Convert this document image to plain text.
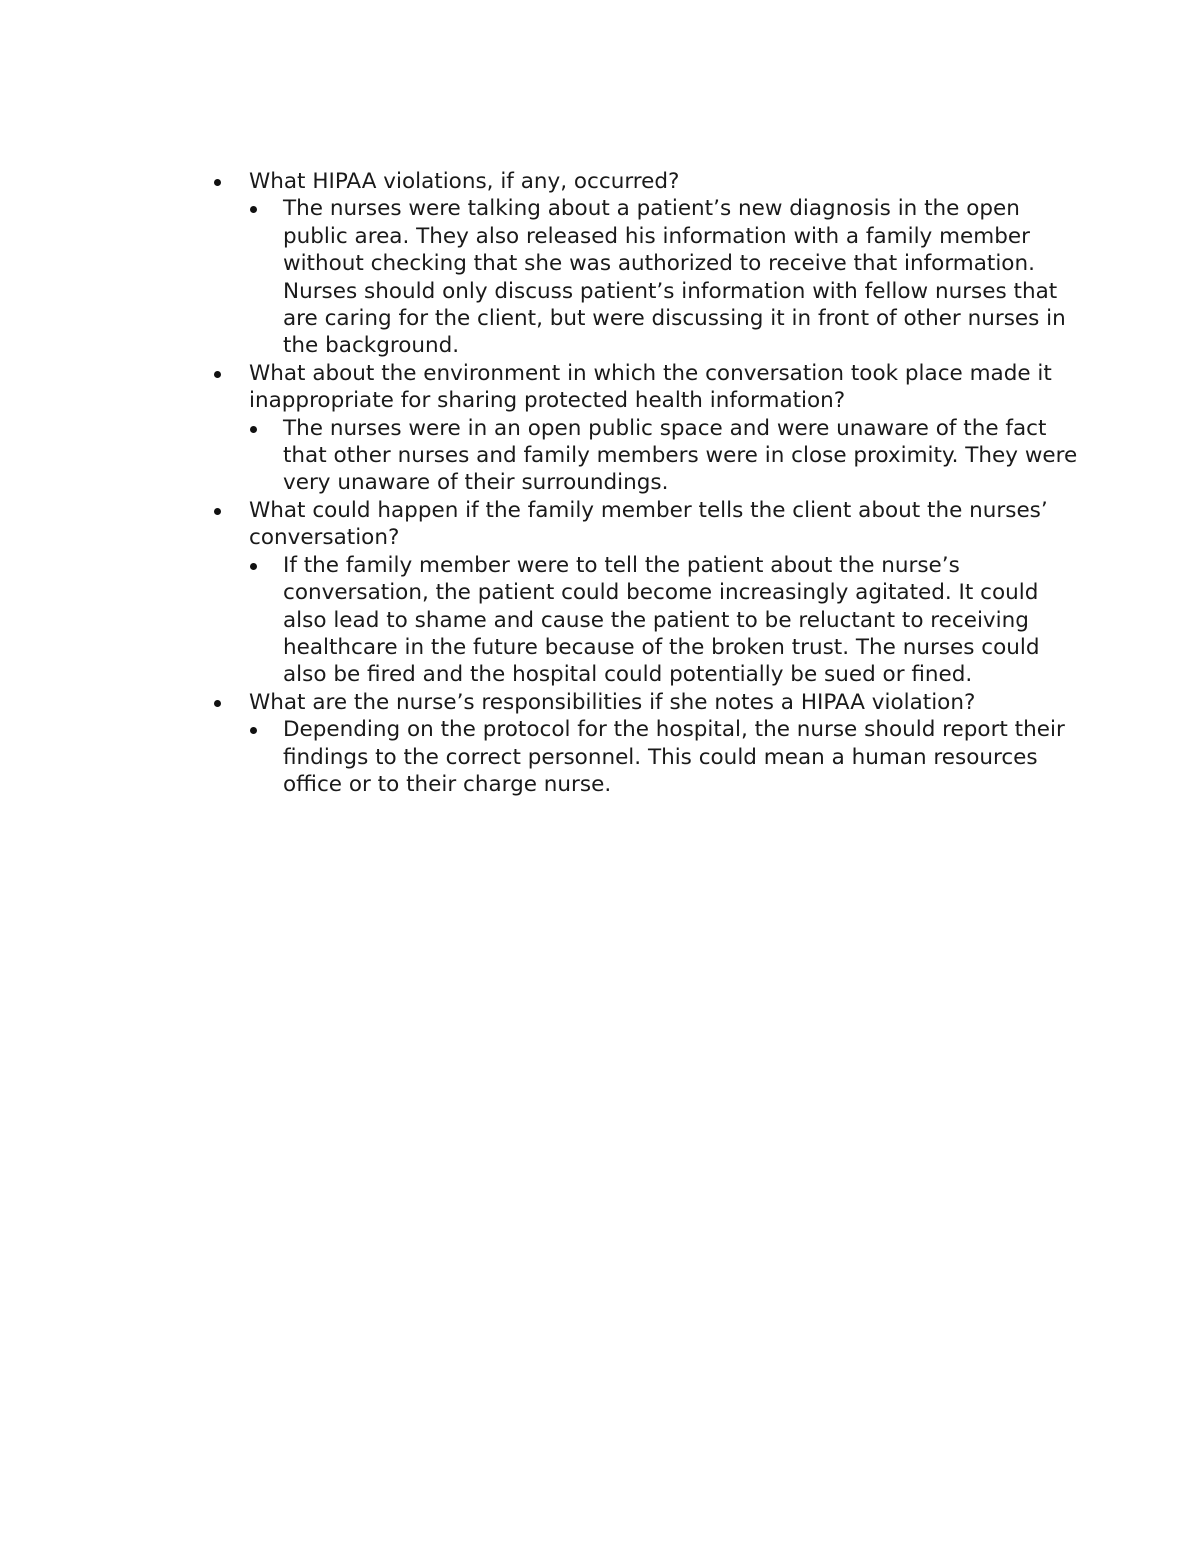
What HIPAA violations, if any, occurred?
The nurses were talking about a patient’s new diagnosis in the open public area. They also released his information with a family member without checking that she was authorized to receive that information. Nurses should only discuss patient’s information with fellow nurses that are caring for the client, but were discussing it in front of other nurses in the background.
What about the environment in which the conversation took place made it inappropriate for sharing protected health information?
The nurses were in an open public space and were unaware of the fact that other nurses and family members were in close proximity. They were very unaware of their surroundings.
What could happen if the family member tells the client about the nurses’ conversation?
If the family member were to tell the patient about the nurse’s conversation, the patient could become increasingly agitated. It could also lead to shame and cause the patient to be reluctant to receiving healthcare in the future because of the broken trust. The nurses could also be fired and the hospital could potentially be sued or fined.
What are the nurse’s responsibilities if she notes a HIPAA violation?
Depending on the protocol for the hospital, the nurse should report their findings to the correct personnel. This could mean a human resources office or to their charge nurse.
